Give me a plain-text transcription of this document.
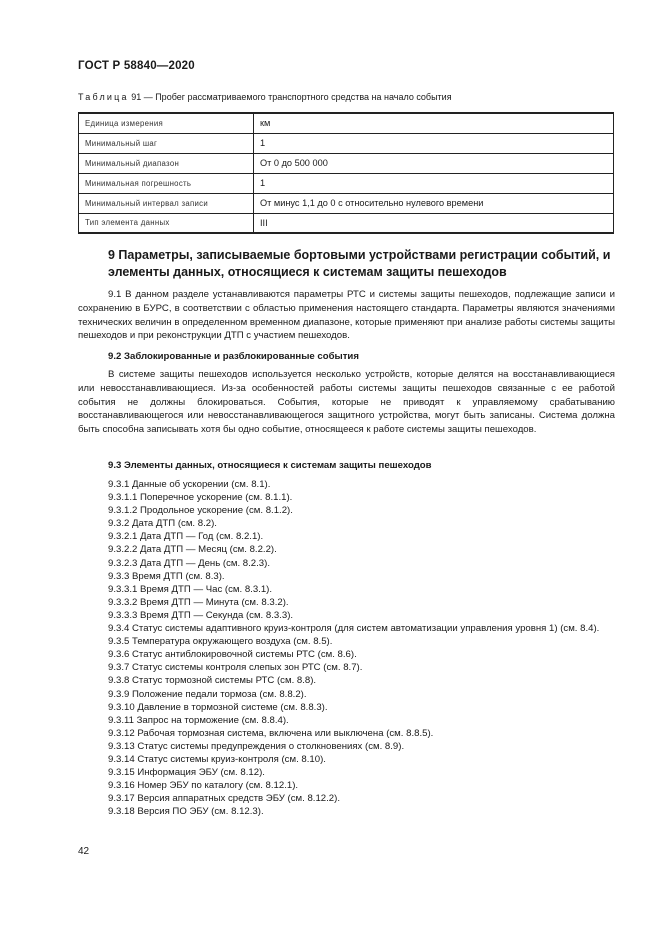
ГОСТ Р 58840—2020
Таблица 91 — Пробег рассматриваемого транспортного средства на начало события
Единица измерения	км
Минимальный шаг	1
Минимальный диапазон	От 0 до 500 000
Минимальная погрешность	1
Минимальный интервал записи	От минус 1,1 до 0 с относительно нулевого времени
Тип элемента данных	III
9 Параметры, записываемые бортовыми устройствами регистрации событий, и элементы данных, относящиеся к системам защиты пешеходов
9.1 В данном разделе устанавливаются параметры РТС и системы защиты пешеходов, подлежащие записи и сохранению в БУРС, в соответствии с областью применения настоящего стандарта. Параметры являются значениями технических величин в определенном временном диапазоне, которые применяют при анализе работы системы защиты пешеходов и при реконструкции ДТП с участием пешеходов.
9.2 Заблокированные и разблокированные события
В системе защиты пешеходов используется несколько устройств, которые делятся на восстанавливающиеся или невосстанавливающиеся. Из-за особенностей работы системы защиты пешеходов связанные с ее работой события не должны блокироваться. События, которые не приводят к управляемому срабатыванию восстанавливающегося или невосстанавливающегося защитного устройства, могут быть записаны. Система должна быть способна записывать хотя бы одно событие, относящееся к работе системы защиты пешеходов.
9.3 Элементы данных, относящиеся к системам защиты пешеходов
9.3.1 Данные об ускорении (см. 8.1).
9.3.1.1 Поперечное ускорение (см. 8.1.1).
9.3.1.2 Продольное ускорение (см. 8.1.2).
9.3.2 Дата ДТП (см. 8.2).
9.3.2.1 Дата ДТП — Год (см. 8.2.1).
9.3.2.2 Дата ДТП — Месяц (см. 8.2.2).
9.3.2.3 Дата ДТП — День (см. 8.2.3).
9.3.3 Время ДТП (см. 8.3).
9.3.3.1 Время ДТП — Час (см. 8.3.1).
9.3.3.2 Время ДТП — Минута (см. 8.3.2).
9.3.3.3 Время ДТП — Секунда (см. 8.3.3).
9.3.4 Статус системы адаптивного круиз-контроля (для систем автоматизации управления уровня 1) (см. 8.4).
9.3.5 Температура окружающего воздуха (см. 8.5).
9.3.6 Статус антиблокировочной системы РТС (см. 8.6).
9.3.7 Статус системы контроля слепых зон РТС (см. 8.7).
9.3.8 Статус тормозной системы РТС (см. 8.8).
9.3.9 Положение педали тормоза (см. 8.8.2).
9.3.10 Давление в тормозной системе (см. 8.8.3).
9.3.11 Запрос на торможение (см. 8.8.4).
9.3.12 Рабочая тормозная система, включена или выключена (см. 8.8.5).
9.3.13 Статус системы предупреждения о столкновениях (см. 8.9).
9.3.14 Статус системы круиз-контроля (см. 8.10).
9.3.15 Информация ЭБУ (см. 8.12).
9.3.16 Номер ЭБУ по каталогу (см. 8.12.1).
9.3.17 Версия аппаратных средств ЭБУ (см. 8.12.2).
9.3.18 Версия ПО ЭБУ (см. 8.12.3).
42
